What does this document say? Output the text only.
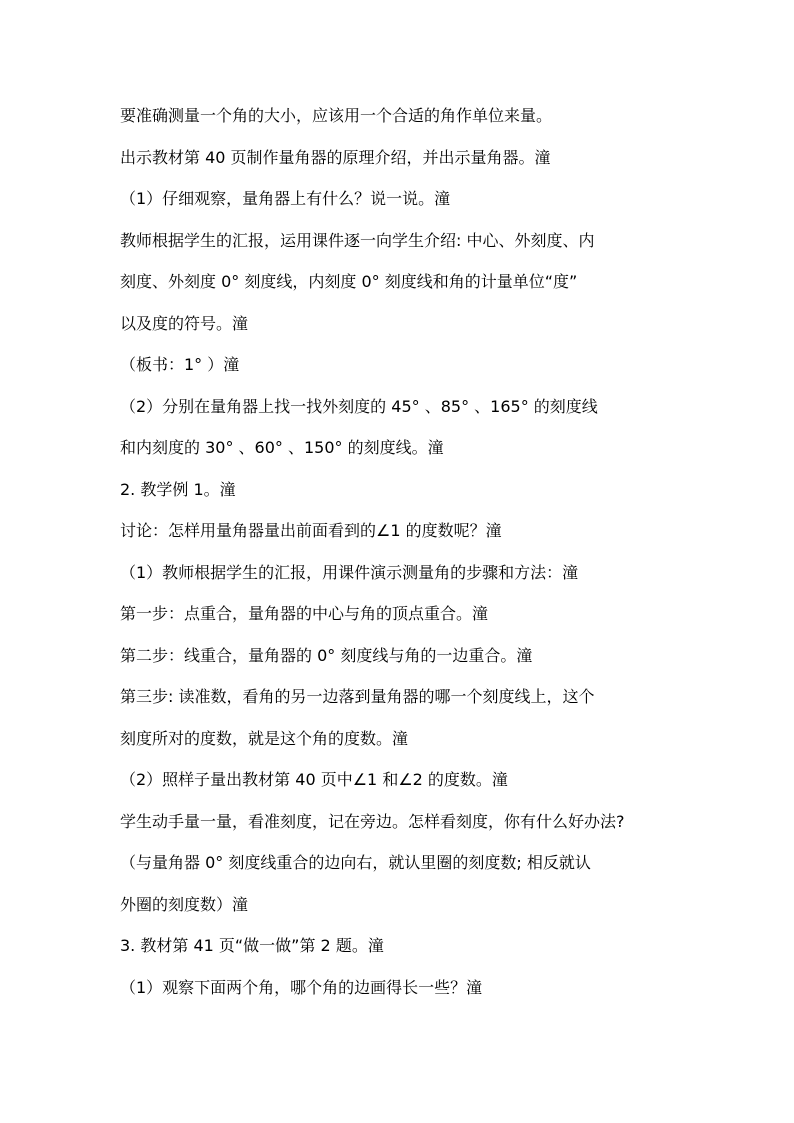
要准确测量一个角的大小，应该用一个合适的角作单位来量。
出示教材第 40 页制作量角器的原理介绍，并出示量角器。潼
（1）仔细观察，量角器上有什么？说一说。潼
教师根据学生的汇报，运用课件逐一向学生介绍: 中心、外刻度、内
刻度、外刻度 0° 刻度线，内刻度 0° 刻度线和角的计量单位“度”
以及度的符号。潼
（板书：1° ）潼
（2）分别在量角器上找一找外刻度的 45° 、85° 、165° 的刻度线
和内刻度的 30° 、60° 、150° 的刻度线。潼
2. 教学例 1。潼
讨论：怎样用量角器量出前面看到的∠1 的度数呢？潼
（1）教师根据学生的汇报，用课件演示测量角的步骤和方法：潼
第一步：点重合，量角器的中心与角的顶点重合。潼
第二步：线重合，量角器的 0° 刻度线与角的一边重合。潼
第三步: 读准数，看角的另一边落到量角器的哪一个刻度线上，这个
刻度所对的度数，就是这个角的度数。潼
（2）照样子量出教材第 40 页中∠1 和∠2 的度数。潼
学生动手量一量，看准刻度，记在旁边。怎样看刻度，你有什么好办法?
（与量角器 0° 刻度线重合的边向右，就认里圈的刻度数; 相反就认
外圈的刻度数）潼
3. 教材第 41 页“做一做”第 2 题。潼
（1）观察下面两个角，哪个角的边画得长一些？潼
